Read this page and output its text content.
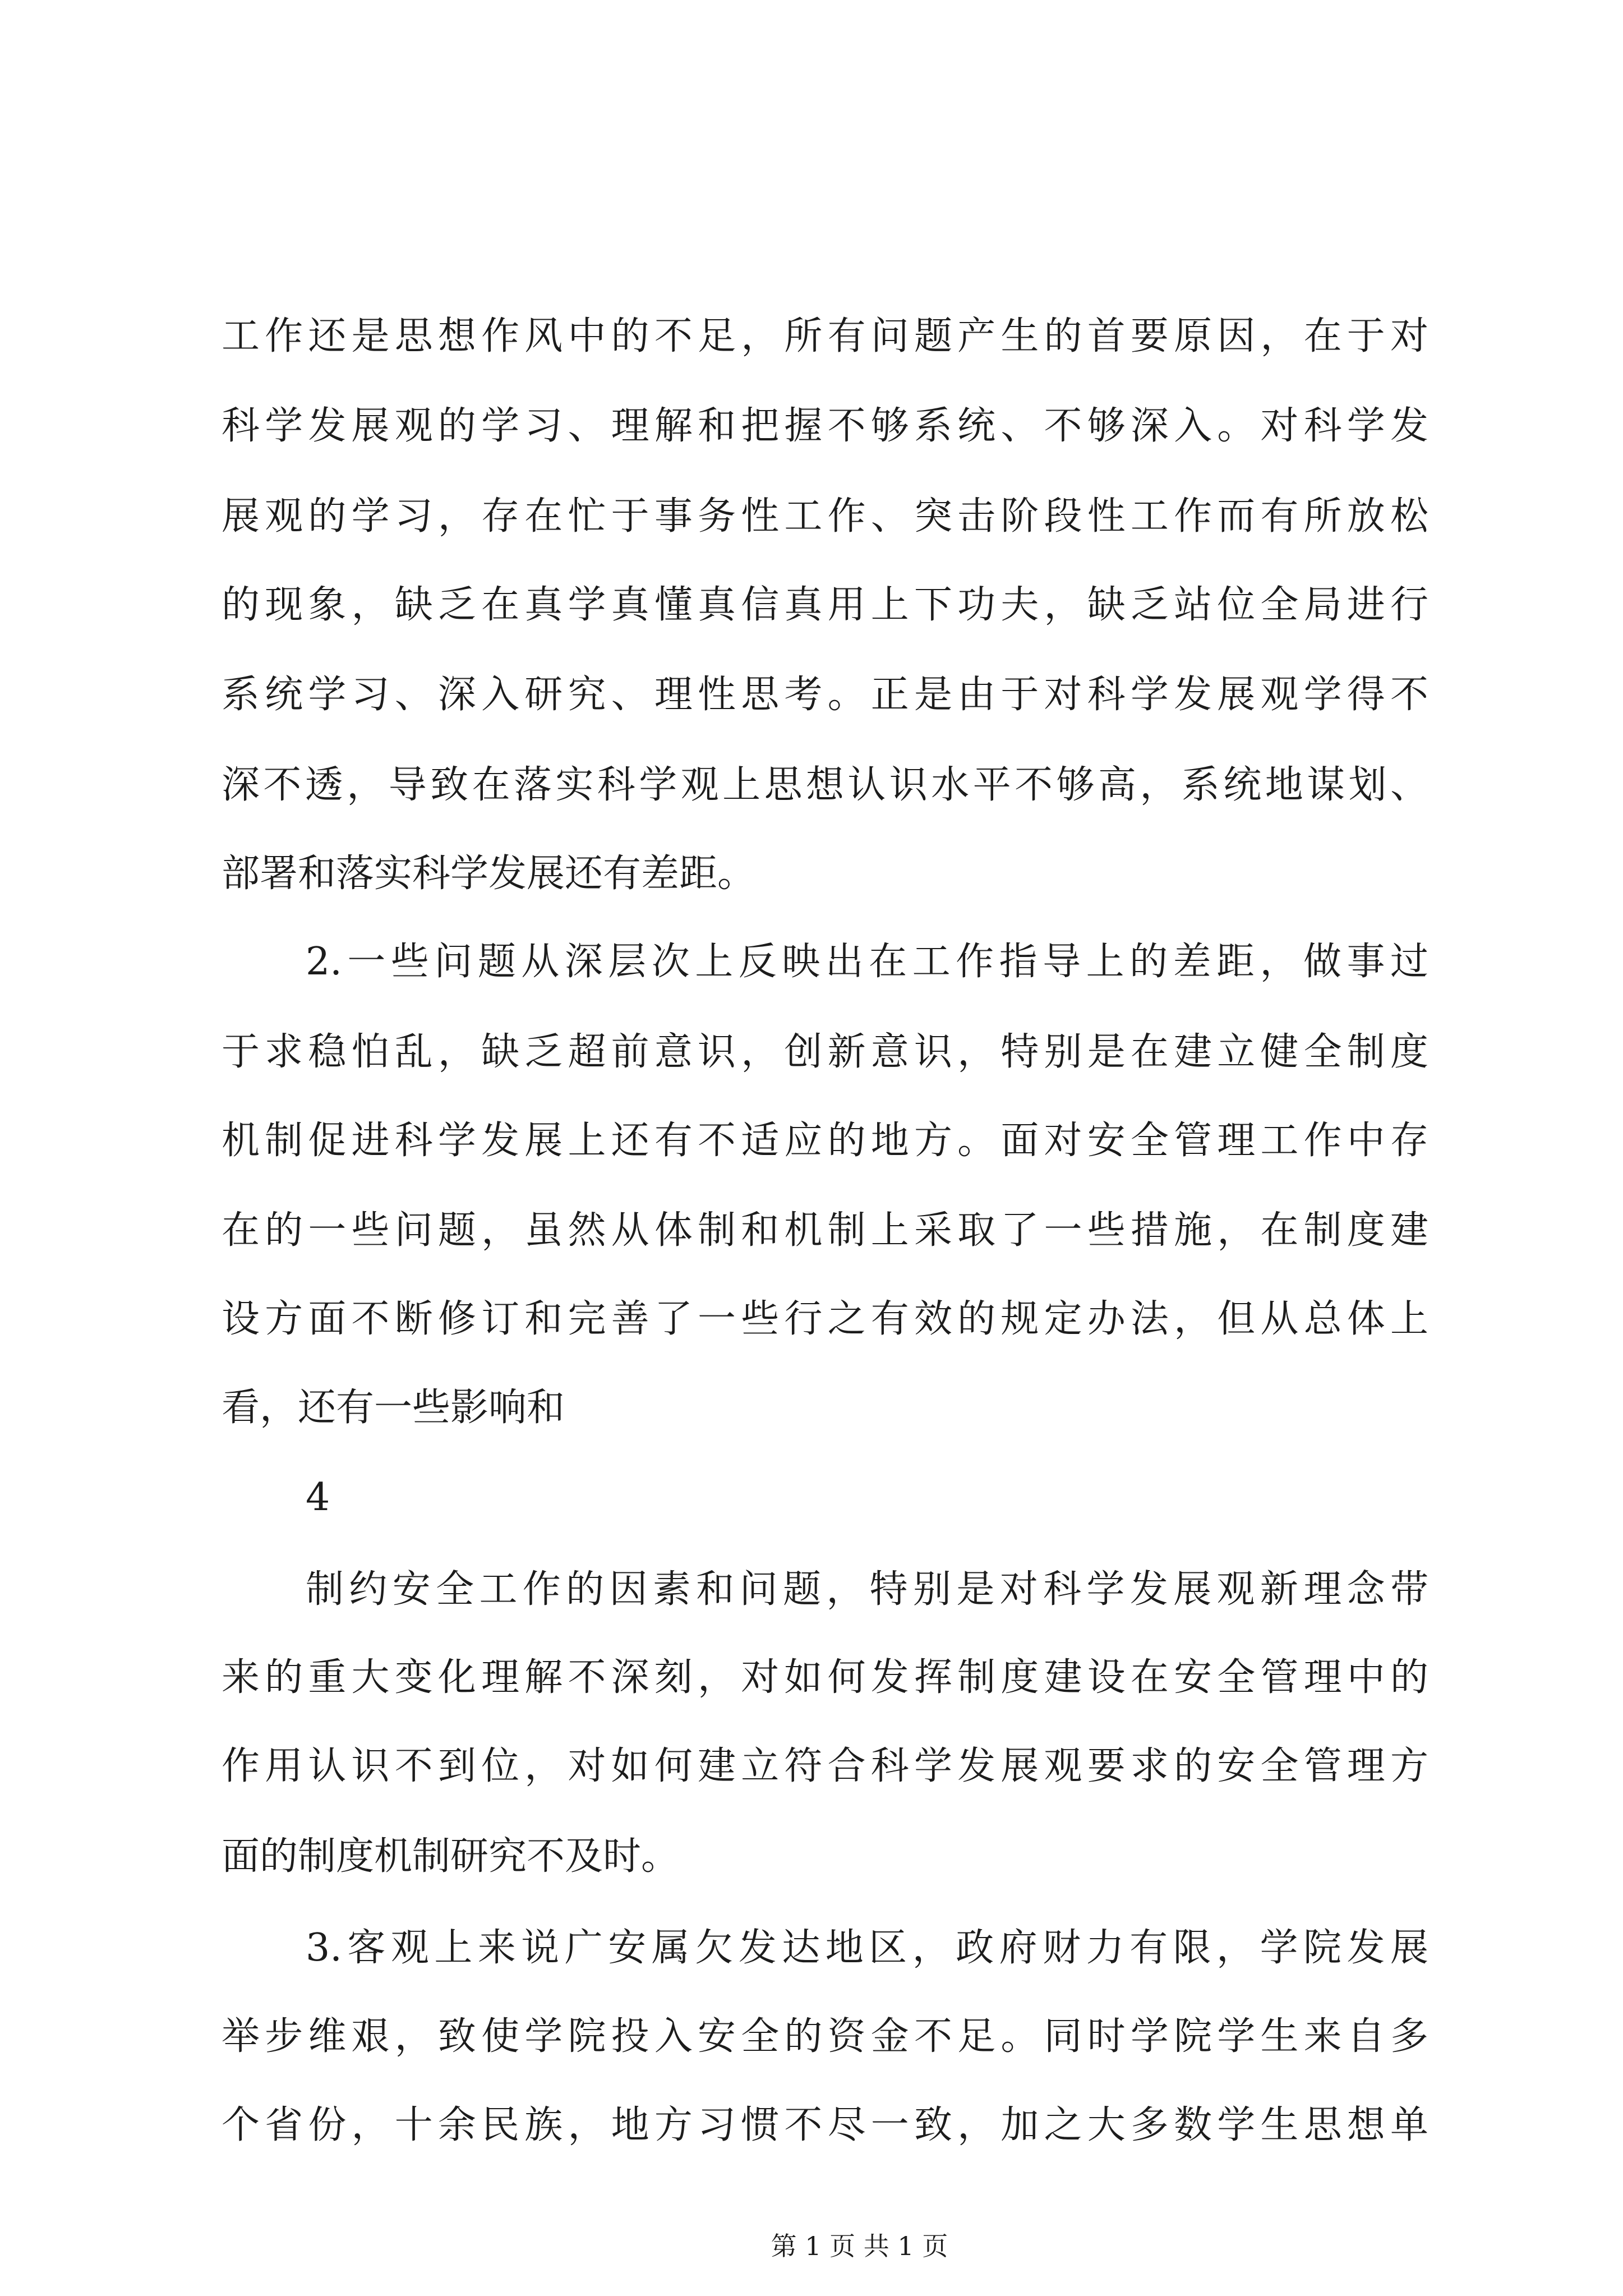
工作还是思想作风中的不足，所有问题产生的首要原因，在于对
科学发展观的学习、理解和把握不够系统、不够深入。对科学发
展观的学习，存在忙于事务性工作、突击阶段性工作而有所放松
的现象，缺乏在真学真懂真信真用上下功夫，缺乏站位全局进行
系统学习、深入研究、理性思考。正是由于对科学发展观学得不
深不透，导致在落实科学观上思想认识水平不够高，系统地谋划、
部署和落实科学发展还有差距。
2.一些问题从深层次上反映出在工作指导上的差距，做事过
于求稳怕乱，缺乏超前意识，创新意识，特别是在建立健全制度
机制促进科学发展上还有不适应的地方。面对安全管理工作中存
在的一些问题，虽然从体制和机制上采取了一些措施，在制度建
设方面不断修订和完善了一些行之有效的规定办法，但从总体上
看，还有一些影响和
4
制约安全工作的因素和问题，特别是对科学发展观新理念带
来的重大变化理解不深刻，对如何发挥制度建设在安全管理中的
作用认识不到位，对如何建立符合科学发展观要求的安全管理方
面的制度机制研究不及时。
3.客观上来说广安属欠发达地区，政府财力有限，学院发展
举步维艰，致使学院投入安全的资金不足。同时学院学生来自多
个省份，十余民族，地方习惯不尽一致，加之大多数学生思想单
第 1 页 共 1 页
